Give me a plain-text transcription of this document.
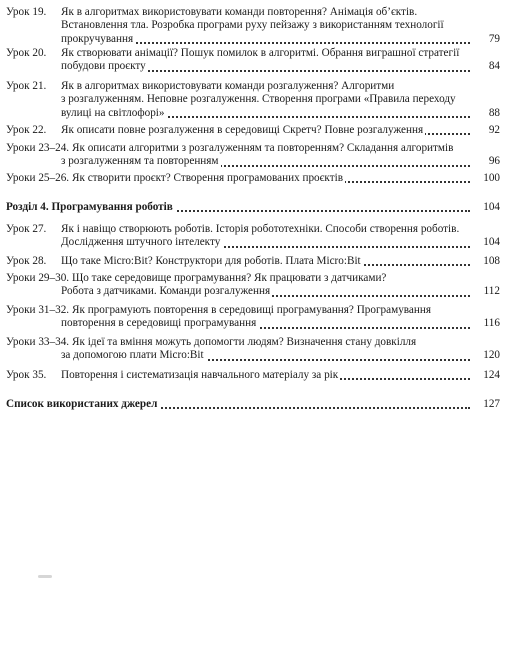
Урок 19. Як в алгоритмах використовувати команди повторення? Анімація об’єктів.
Встановлення тла. Розробка програми руху пейзажу з використанням технології
прокручування	79
Урок 20. Як створювати анімації? Пошук помилок в алгоритмі. Обрання виграшної стратегії
побудови проєкту	84
Урок 21. Як в алгоритмах використовувати команди розгалуження? Алгоритми
з розгалуженням. Неповне розгалуження. Створення програми «Правила переходу
вулиці на світлофорі»	88
Урок 22. Як описати повне розгалуження в середовищі Скретч? Повне розгалуження	92
Уроки 23–24. Як описати алгоритми з розгалуженням та повторенням? Складання алгоритмів
з розгалуженням та повторенням	96
Уроки 25–26. Як створити проєкт? Створення програмованих проєктів	100
Розділ 4. Програмування роботів	104
Урок 27. Як і навіщо створюють роботів. Історія робототехніки. Способи створення роботів.
Дослідження штучного інтелекту	104
Урок 28. Що таке Micro:Bit? Конструктори для роботів. Плата Micro:Bit	108
Уроки 29–30. Що таке середовище програмування? Як працювати з датчиками?
Робота з датчиками. Команди розгалуження	112
Уроки 31–32. Як програмують повторення в середовищі програмування? Програмування
повторення в середовищі програмування	116
Уроки 33–34. Як ідеї та вміння можуть допомогти людям? Визначення стану довкілля
за допомогою плати Micro:Bit	120
Урок 35. Повторення і систематизація навчального матеріалу за рік	124
Список використаних джерел	127
